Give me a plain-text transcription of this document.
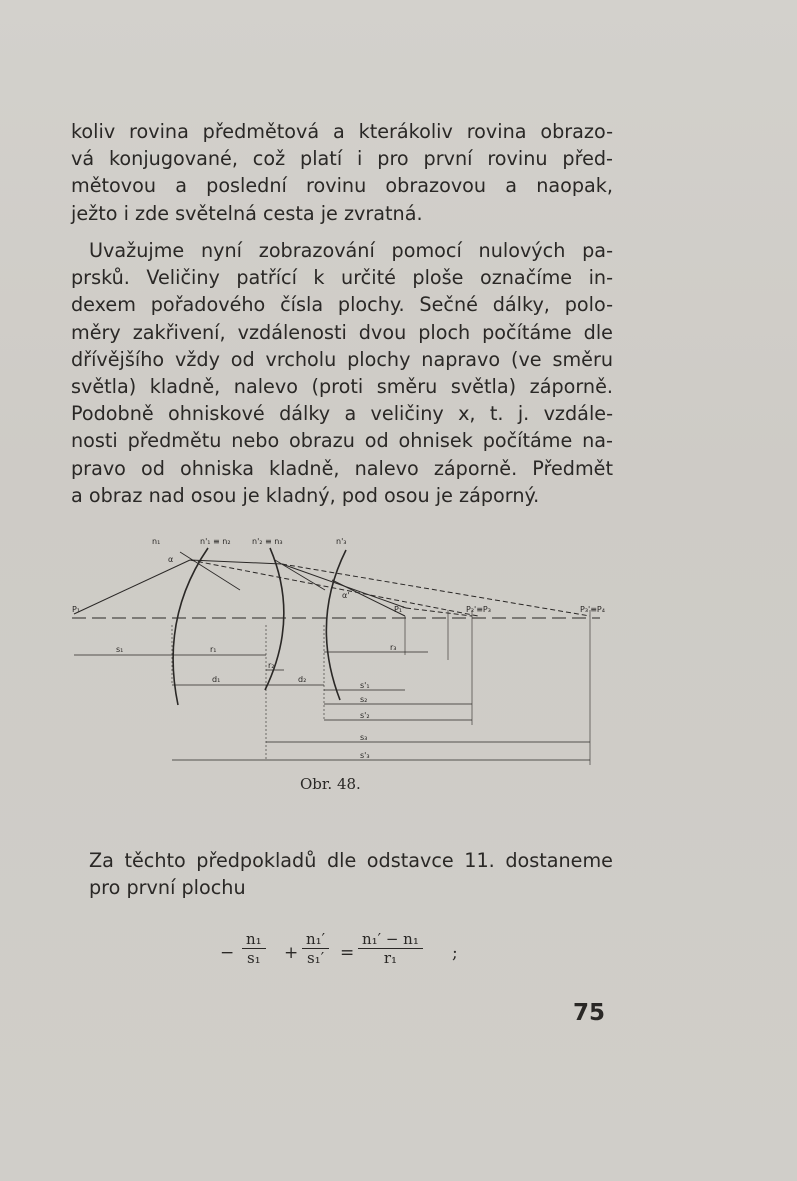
koliv rovina předmětová a kterákoliv rovina obrazo-
vá konjugované, což platí i pro první rovinu před-
mětovou a poslední rovinu obrazovou a naopak,
ježto i zde světelná cesta je zvratná.
Uvažujme nyní zobrazování pomocí nulových pa-
prsků. Veličiny patřící k určité ploše označíme in-
dexem pořadového čísla plochy. Sečné dálky, polo-
měry zakřivení, vzdálenosti dvou ploch počítáme dle
dřívějšího vždy od vrcholu plochy napravo (ve směru
světla) kladně, nalevo (proti směru světla) záporně.
Podobně ohniskové dálky a veličiny x, t. j. vzdále-
nosti předmětu nebo obrazu od ohnisek počítáme na-
pravo od ohniska kladně, nalevo záporně. Předmět
a obraz nad osou je kladný, pod osou je záporný.
n₁	n'₁ ≡ n₂	n'₂ ≡ n₃	n'₃
P₁	P₁'	P₂'≡P₃	P₃'≡P₄
α
α'
s₁	r₁
r₂
r₃
d₁	d₂
s'₁
s₂
s'₂
s₃
s'₃
Obr. 48.
Za těchto předpokladů dle odstavce 11. dostaneme
pro první plochu
− $\frac{\text{n₁}}{\text{s₁}} + \frac{\text{n₁′}}{\text{s₁′}} = \frac{\text{n₁′ − n₁}}{\text{r₁}}$ ;
75
